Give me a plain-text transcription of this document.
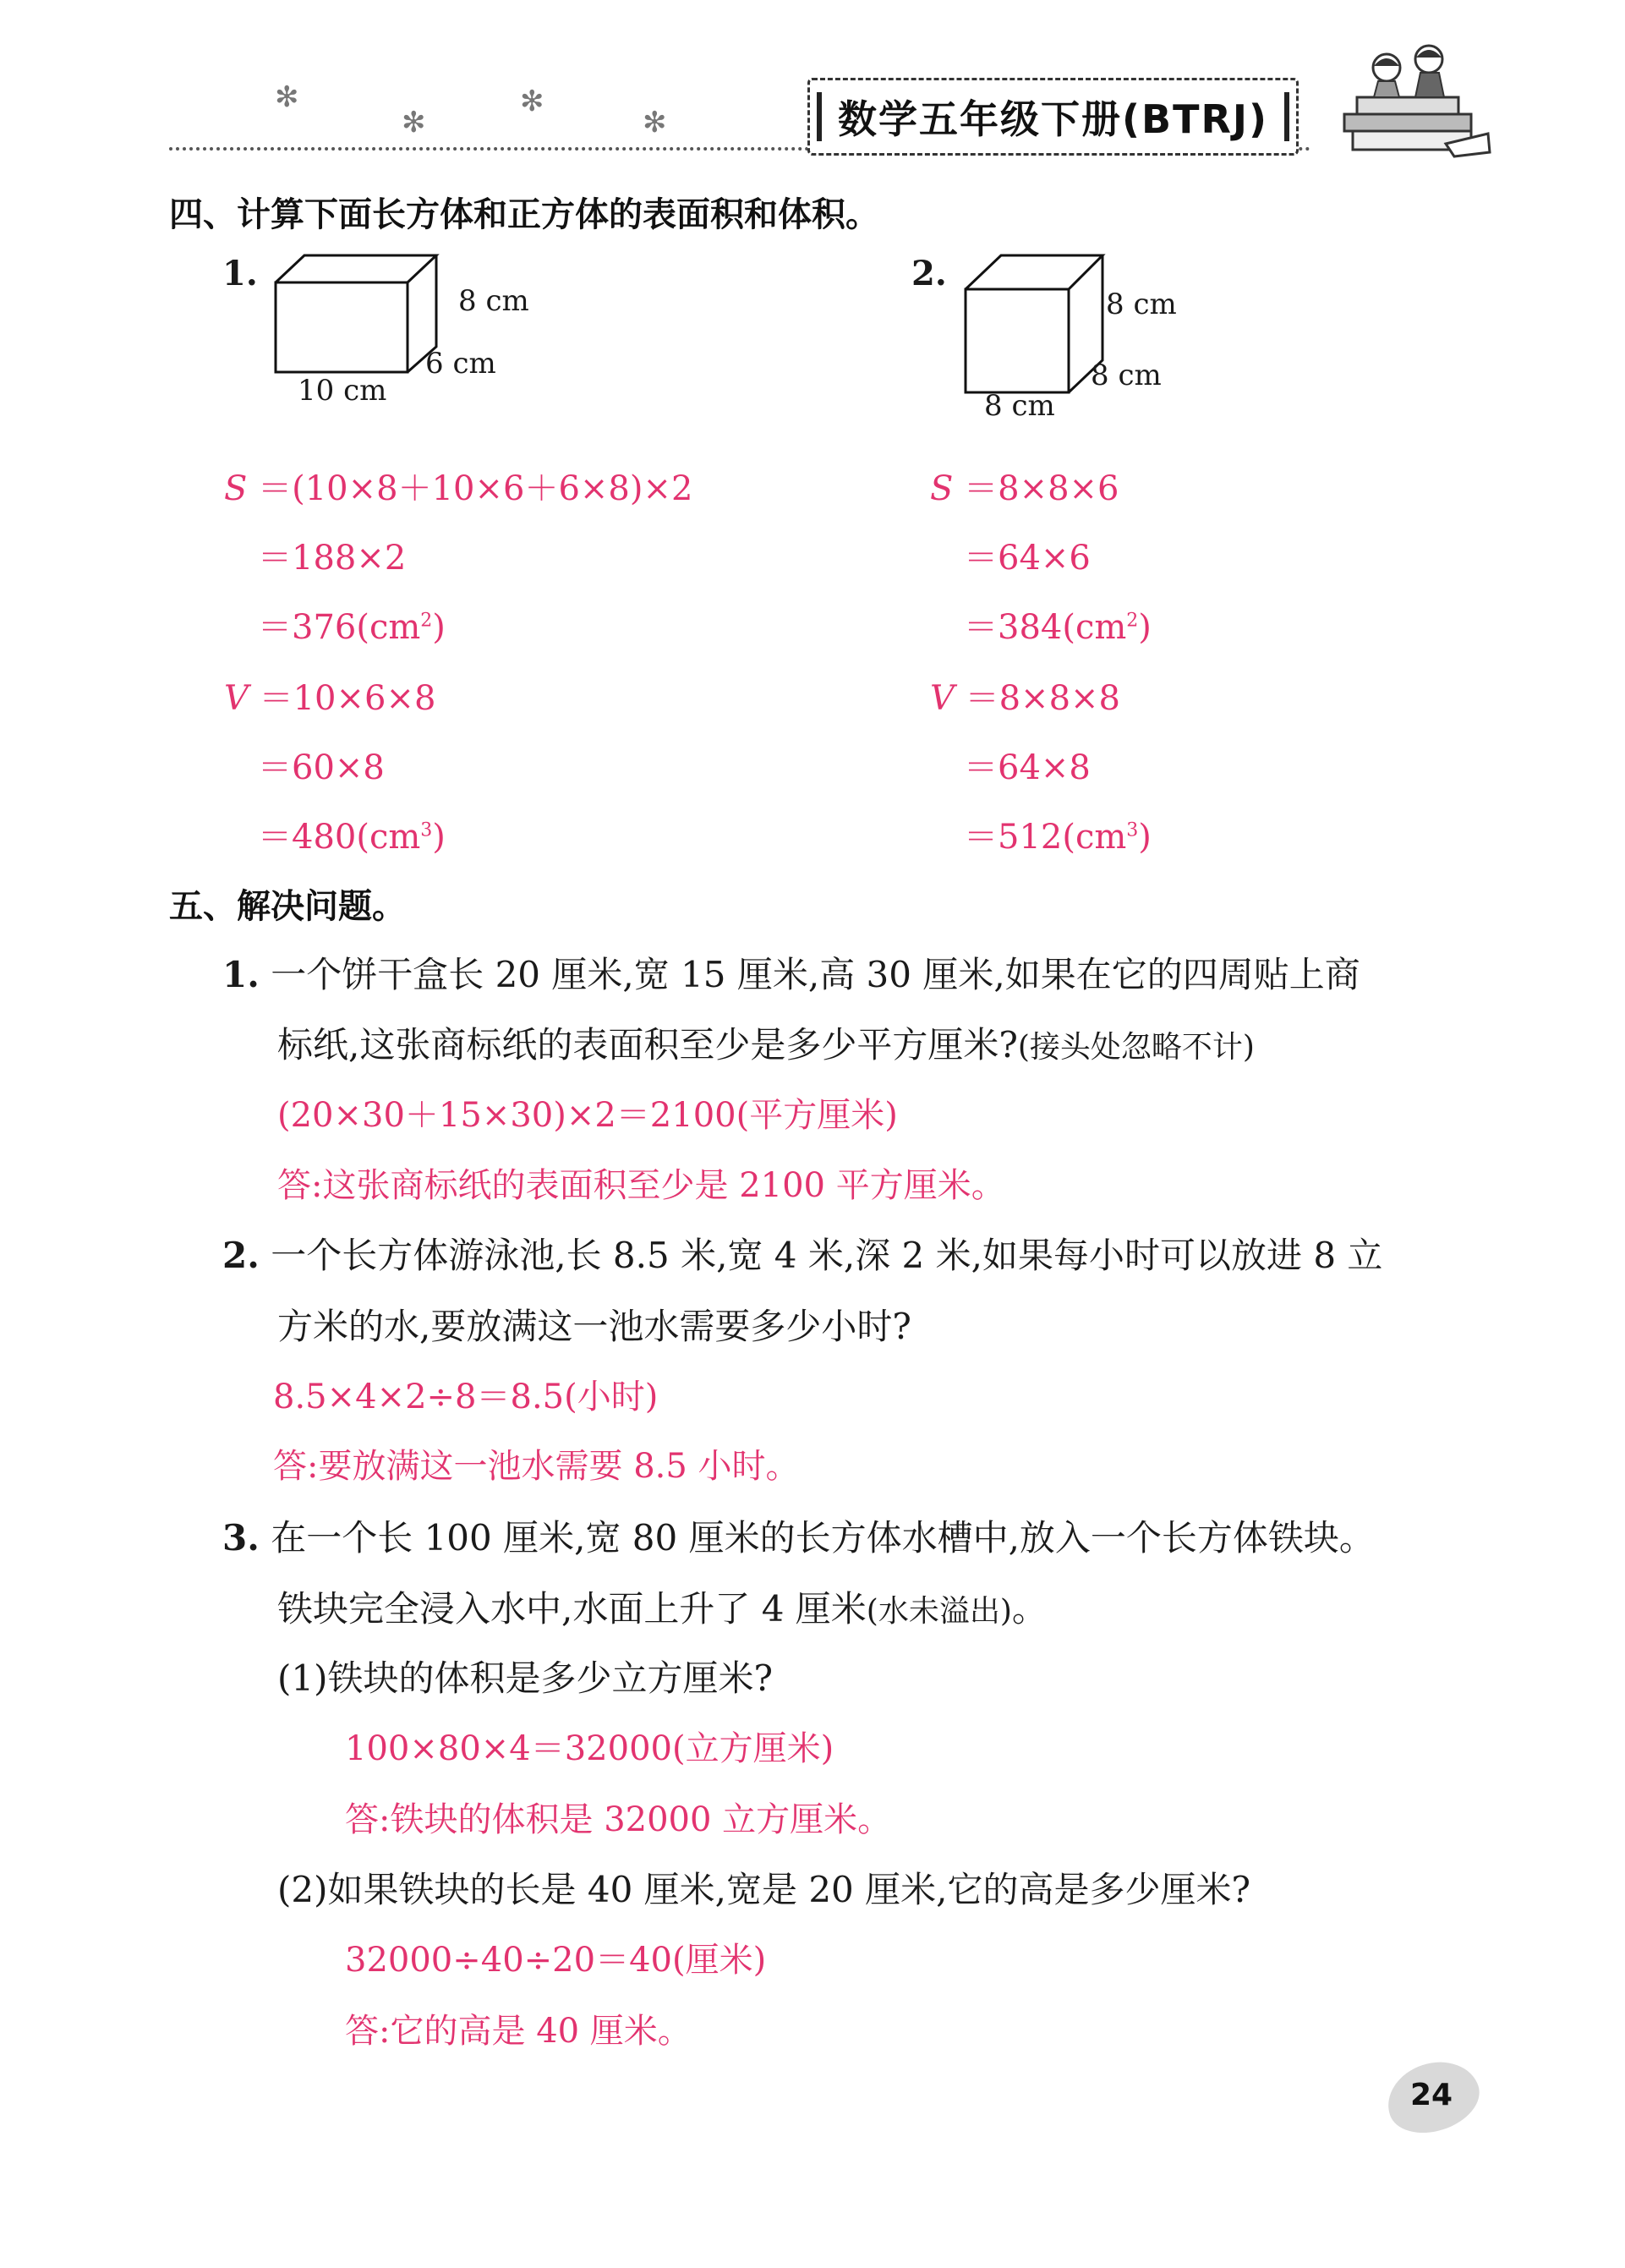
✻
✻
✻
✻	数学五年级下册(BTRJ)
四、计算下面长方体和正方体的表面积和体积。
1.
8 cm
6 cm
10 cm
2.
8 cm
8 cm
8 cm
S ＝(10×8＋10×6＋6×8)×2
＝188×2
$=376(cm^2)$
V ＝10×6×8
＝60×8
$=480(cm^3)$
S ＝8×8×6
＝64×6
$=384(cm^2)$
V ＝8×8×8
＝64×8
$=512(cm^3)$
五、解决问题。
1. 一个饼干盒长 20 厘米,宽 15 厘米,高 30 厘米,如果在它的四周贴上商
标纸,这张商标纸的表面积至少是多少平方厘米?(接头处忽略不计)
(20×30＋15×30)×2＝2100(平方厘米)
答:这张商标纸的表面积至少是 2100 平方厘米。
2. 一个长方体游泳池,长 8.5 米,宽 4 米,深 2 米,如果每小时可以放进 8 立
方米的水,要放满这一池水需要多少小时?
8.5×4×2÷8＝8.5(小时)
答:要放满这一池水需要 8.5 小时。
3. 在一个长 100 厘米,宽 80 厘米的长方体水槽中,放入一个长方体铁块。
铁块完全浸入水中,水面上升了 4 厘米(水未溢出)。
(1)铁块的体积是多少立方厘米?
100×80×4＝32000(立方厘米)
答:铁块的体积是 32000 立方厘米。
(2)如果铁块的长是 40 厘米,宽是 20 厘米,它的高是多少厘米?
32000÷40÷20＝40(厘米)
答:它的高是 40 厘米。
24
